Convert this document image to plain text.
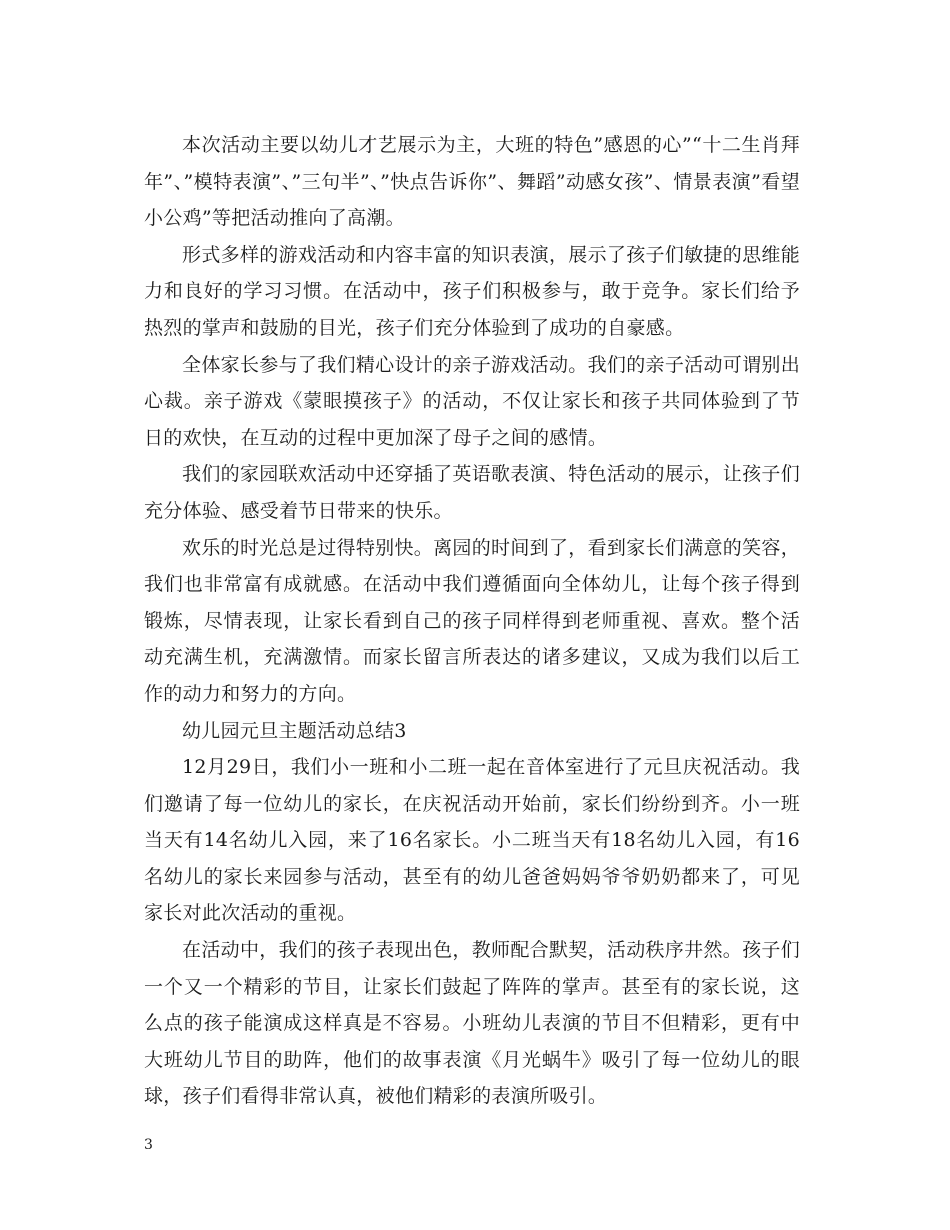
本次活动主要以幼儿才艺展示为主，大班的特色”感恩的心”“十二生肖拜年”、”模特表演”、”三句半”、”快点告诉你”、舞蹈”动感女孩”、情景表演”看望小公鸡”等把活动推向了高潮。

形式多样的游戏活动和内容丰富的知识表演，展示了孩子们敏捷的思维能力和良好的学习习惯。在活动中，孩子们积极参与，敢于竞争。家长们给予热烈的掌声和鼓励的目光，孩子们充分体验到了成功的自豪感。

全体家长参与了我们精心设计的亲子游戏活动。我们的亲子活动可谓别出心裁。亲子游戏《蒙眼摸孩子》的活动，不仅让家长和孩子共同体验到了节日的欢快，在互动的过程中更加深了母子之间的感情。

我们的家园联欢活动中还穿插了英语歌表演、特色活动的展示，让孩子们充分体验、感受着节日带来的快乐。

欢乐的时光总是过得特别快。离园的时间到了，看到家长们满意的笑容，我们也非常富有成就感。在活动中我们遵循面向全体幼儿，让每个孩子得到锻炼，尽情表现，让家长看到自己的孩子同样得到老师重视、喜欢。整个活动充满生机，充满激情。而家长留言所表达的诸多建议，又成为我们以后工作的动力和努力的方向。

幼儿园元旦主题活动总结3

12月29日，我们小一班和小二班一起在音体室进行了元旦庆祝活动。我们邀请了每一位幼儿的家长，在庆祝活动开始前，家长们纷纷到齐。小一班当天有14名幼儿入园，来了16名家长。小二班当天有18名幼儿入园，有16名幼儿的家长来园参与活动，甚至有的幼儿爸爸妈妈爷爷奶奶都来了，可见家长对此次活动的重视。

在活动中，我们的孩子表现出色，教师配合默契，活动秩序井然。孩子们一个又一个精彩的节目，让家长们鼓起了阵阵的掌声。甚至有的家长说，这么点的孩子能演成这样真是不容易。小班幼儿表演的节目不但精彩，更有中大班幼儿节目的助阵，他们的故事表演《月光蜗牛》吸引了每一位幼儿的眼球，孩子们看得非常认真，被他们精彩的表演所吸引。

3
